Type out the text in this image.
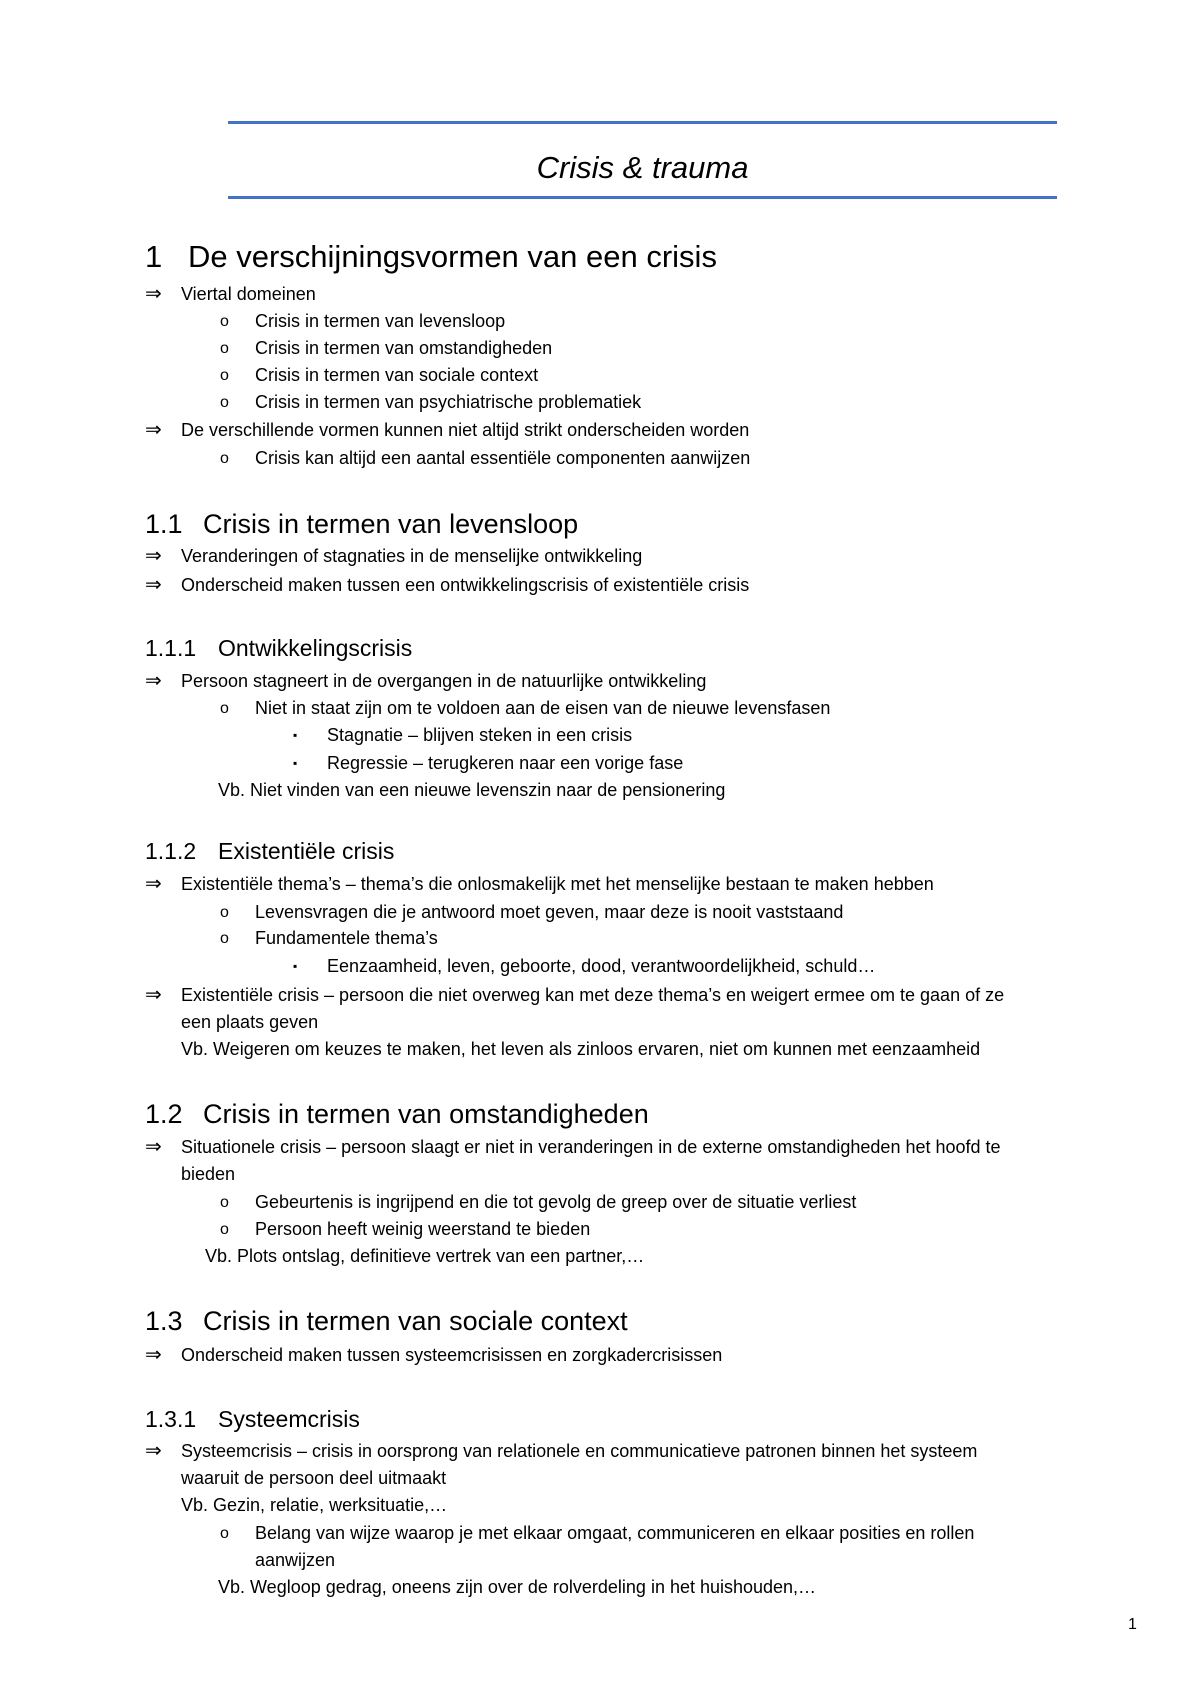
Crisis & trauma
1 De verschijningsvormen van een crisis
⇒ Viertal domeinen
o Crisis in termen van levensloop
o Crisis in termen van omstandigheden
o Crisis in termen van sociale context
o Crisis in termen van psychiatrische problematiek
⇒ De verschillende vormen kunnen niet altijd strikt onderscheiden worden
o Crisis kan altijd een aantal essentiële componenten aanwijzen
1.1 Crisis in termen van levensloop
⇒ Veranderingen of stagnaties in de menselijke ontwikkeling
⇒ Onderscheid maken tussen een ontwikkelingscrisis of existentiële crisis
1.1.1 Ontwikkelingscrisis
⇒ Persoon stagneert in de overgangen in de natuurlijke ontwikkeling
o Niet in staat zijn om te voldoen aan de eisen van de nieuwe levensfasen
▪ Stagnatie – blijven steken in een crisis
▪ Regressie – terugkeren naar een vorige fase
Vb. Niet vinden van een nieuwe levenszin naar de pensionering
1.1.2 Existentiële crisis
⇒ Existentiële thema’s – thema’s die onlosmakelijk met het menselijke bestaan te maken hebben
o Levensvragen die je antwoord moet geven, maar deze is nooit vaststaand
o Fundamentele thema’s
▪ Eenzaamheid, leven, geboorte, dood, verantwoordelijkheid, schuld…
⇒ Existentiële crisis – persoon die niet overweg kan met deze thema’s en weigert ermee om te gaan of ze
een plaats geven
Vb. Weigeren om keuzes te maken, het leven als zinloos ervaren, niet om kunnen met eenzaamheid
1.2 Crisis in termen van omstandigheden
⇒ Situationele crisis – persoon slaagt er niet in veranderingen in de externe omstandigheden het hoofd te
bieden
o Gebeurtenis is ingrijpend en die tot gevolg de greep over de situatie verliest
o Persoon heeft weinig weerstand te bieden
Vb. Plots ontslag, definitieve vertrek van een partner,…
1.3 Crisis in termen van sociale context
⇒ Onderscheid maken tussen systeemcrisissen en zorgkadercrisissen
1.3.1 Systeemcrisis
⇒ Systeemcrisis – crisis in oorsprong van relationele en communicatieve patronen binnen het systeem
waaruit de persoon deel uitmaakt
Vb. Gezin, relatie, werksituatie,…
o Belang van wijze waarop je met elkaar omgaat, communiceren en elkaar posities en rollen
aanwijzen
Vb. Wegloop gedrag, oneens zijn over de rolverdeling in het huishouden,…
1
